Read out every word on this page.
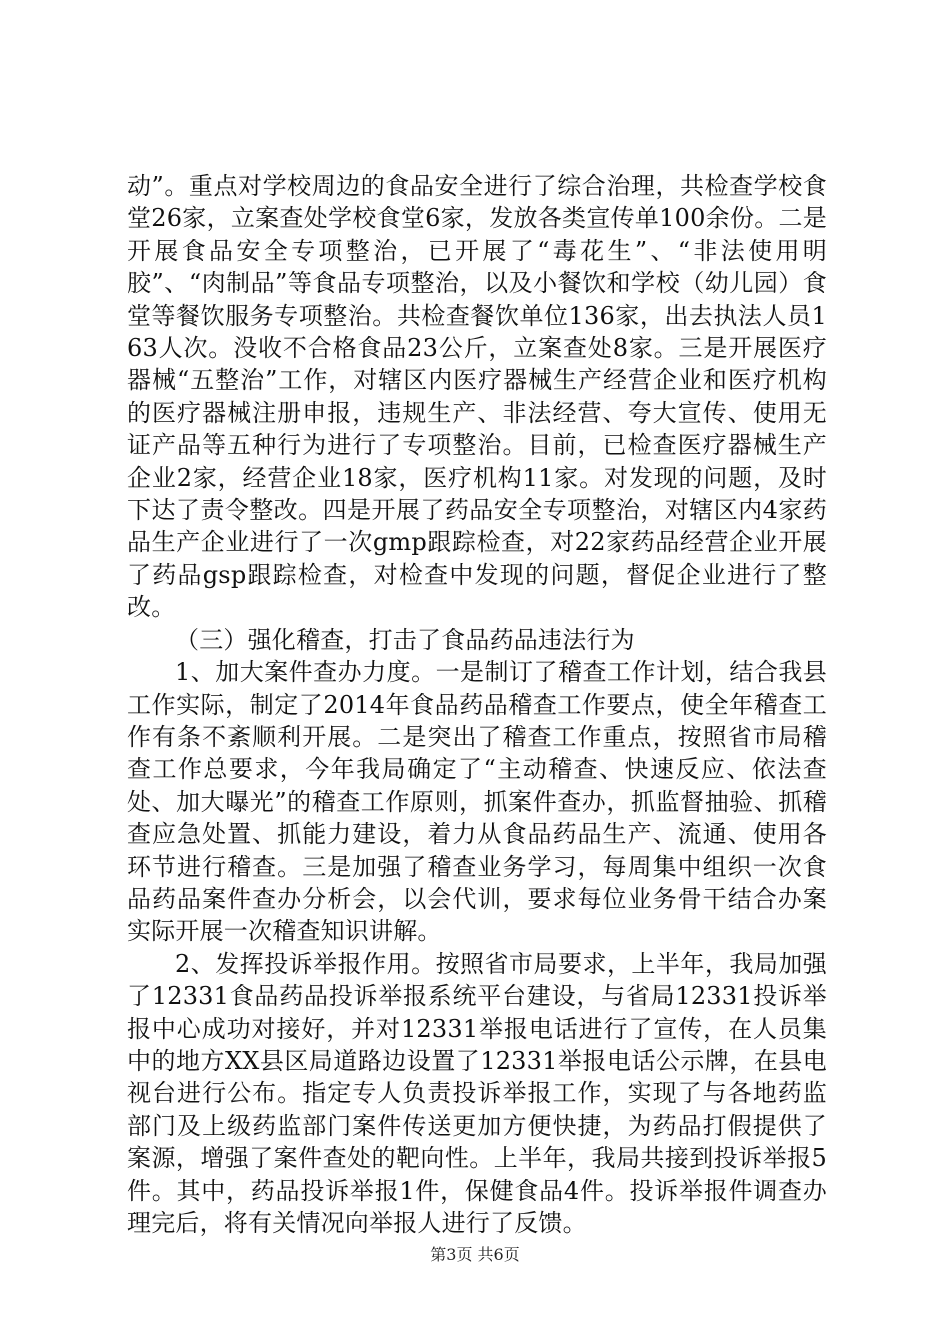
动”。重点对学校周边的食品安全进行了综合治理，共检查学校食堂26家，立案查处学校食堂6家，发放各类宣传单100余份。二是开展食品安全专项整治，已开展了“毒花生”、“非法使用明胶”、“肉制品”等食品专项整治，以及小餐饮和学校（幼儿园）食堂等餐饮服务专项整治。共检查餐饮单位136家，出去执法人员163人次。没收不合格食品23公斤，立案查处8家。三是开展医疗器械“五整治”工作，对辖区内医疗器械生产经营企业和医疗机构的医疗器械注册申报，违规生产、非法经营、夸大宣传、使用无证产品等五种行为进行了专项整治。目前，已检查医疗器械生产企业2家，经营企业18家，医疗机构11家。对发现的问题，及时下达了责令整改。四是开展了药品安全专项整治，对辖区内4家药品生产企业进行了一次gmp跟踪检查，对22家药品经营企业开展了药品gsp跟踪检查，对检查中发现的问题，督促企业进行了整改。

（三）强化稽查，打击了食品药品违法行为

1、加大案件查办力度。一是制订了稽查工作计划，结合我县工作实际，制定了2014年食品药品稽查工作要点，使全年稽查工作有条不紊顺利开展。二是突出了稽查工作重点，按照省市局稽查工作总要求，今年我局确定了“主动稽查、快速反应、依法查处、加大曝光”的稽查工作原则，抓案件查办，抓监督抽验、抓稽查应急处置、抓能力建设，着力从食品药品生产、流通、使用各环节进行稽查。三是加强了稽查业务学习，每周集中组织一次食品药品案件查办分析会，以会代训，要求每位业务骨干结合办案实际开展一次稽查知识讲解。

2、发挥投诉举报作用。按照省市局要求，上半年，我局加强了12331食品药品投诉举报系统平台建设，与省局12331投诉举报中心成功对接好，并对12331举报电话进行了宣传，在人员集中的地方XX县区局道路边设置了12331举报电话公示牌，在县电视台进行公布。指定专人负责投诉举报工作，实现了与各地药监部门及上级药监部门案件传送更加方便快捷，为药品打假提供了案源，增强了案件查处的靶向性。上半年，我局共接到投诉举报5件。其中，药品投诉举报1件，保健食品4件。投诉举报件调查办理完后，将有关情况向举报人进行了反馈。

第3页 共6页
